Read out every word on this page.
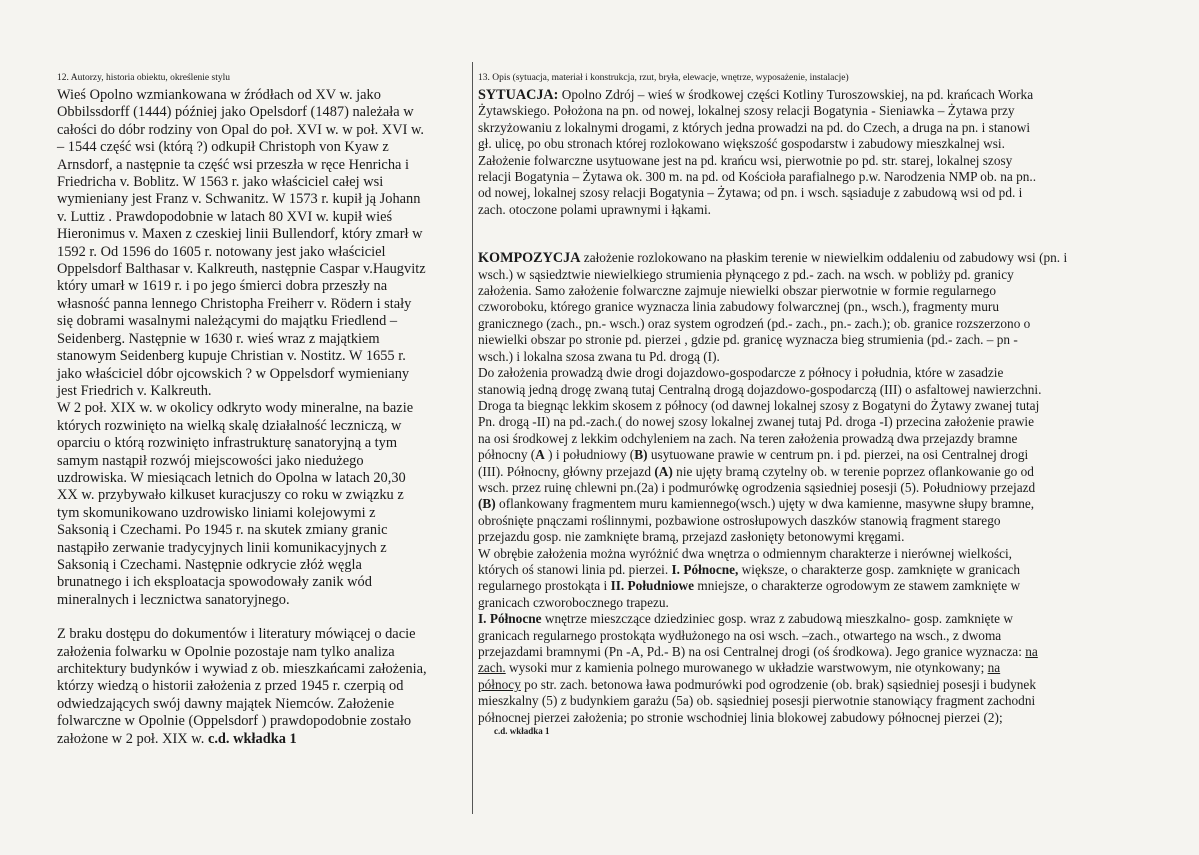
12. Autorzy, historia obiektu, określenie stylu

Wieś Opolno wzmiankowana w źródłach od XV w. jako
Obbilssdorff (1444) później jako Opelsdorf (1487) należała w
całości do dóbr rodziny von Opal do poł. XVI w. w poł. XVI w.
– 1544 część wsi (którą ?) odkupił Christoph von Kyaw z
Arnsdorf, a następnie ta część wsi przeszła w ręce Henricha i
Friedricha v. Boblitz. W 1563 r. jako właściciel całej wsi
wymieniany jest Franz v. Schwanitz. W 1573 r. kupił ją Johann
v. Luttiz . Prawdopodobnie w latach 80 XVI w. kupił wieś
Hieronimus v. Maxen z czeskiej linii Bullendorf, który zmarł w
1592 r. Od 1596 do 1605 r. notowany jest jako właściciel
Oppelsdorf Balthasar v. Kalkreuth, następnie Caspar v.Haugvitz
który umarł w 1619 r. i po jego śmierci dobra przeszły na
własność panna lennego Christopha Freiherr v. Rödern i stały
się dobrami wasalnymi należącymi do majątku Friedlend –
Seidenberg. Następnie w 1630 r. wieś wraz z majątkiem
stanowym Seidenberg kupuje Christian v. Nostitz. W 1655 r.
jako właściciel dóbr ojcowskich ? w Oppelsdorf wymieniany
jest Friedrich v. Kalkreuth.
W 2 poł. XIX w. w okolicy odkryto wody mineralne, na bazie
których rozwinięto na wielką skalę działalność leczniczą, w
oparciu o którą rozwinięto infrastrukturę sanatoryjną a tym
samym nastąpił rozwój miejscowości jako niedużego
uzdrowiska. W miesiącach letnich do Opolna w latach 20,30
XX w. przybywało kilkuset kuracjuszy co roku w związku z
tym skomunikowano uzdrowisko liniami kolejowymi z
Saksonią i Czechami. Po 1945 r. na skutek zmiany granic
nastąpiło zerwanie tradycyjnych linii komunikacyjnych z
Saksonią i Czechami. Następnie odkrycie złóż węgla
brunatnego i ich eksploatacja spowodowały zanik wód
mineralnych i lecznictwa sanatoryjnego.

Z braku dostępu do dokumentów i literatury mówiącej o dacie
założenia folwarku w Opolnie pozostaje nam tylko analiza
architektury budynków i wywiad z ob. mieszkańcami założenia,
którzy wiedzą o historii założenia z przed 1945 r. czerpią od
odwiedzających swój dawny majątek Niemców. Założenie
folwarczne w Opolnie (Oppelsdorf ) prawdopodobnie zostało
założone w 2 poł. XIX w. c.d. wkładka 1

13. Opis (sytuacja, materiał i konstrukcja, rzut, bryła, elewacje, wnętrze, wyposażenie, instalacje)

SYTUACJA: Opolno Zdrój – wieś w środkowej części Kotliny Turoszowskiej, na pd. krańcach Worka
Żytawskiego. Położona na pn. od nowej, lokalnej szosy relacji Bogatynia - Sieniawka – Żytawa przy
skrzyżowaniu z lokalnymi drogami, z których jedna prowadzi na pd. do Czech, a druga na pn. i stanowi
gł. ulicę, po obu stronach której rozlokowano większość gospodarstw i zabudowy mieszkalnej wsi.
Założenie folwarczne usytuowane jest na pd. krańcu wsi, pierwotnie po pd. str. starej, lokalnej szosy
relacji Bogatynia – Żytawa ok. 300 m. na pd. od Kościoła parafialnego p.w. Narodzenia NMP ob. na pn..
od nowej, lokalnej szosy relacji Bogatynia – Żytawa; od pn. i wsch. sąsiaduje z zabudową wsi od pd. i
zach. otoczone polami uprawnymi i łąkami.

KOMPOZYCJA założenie rozlokowano na płaskim terenie w niewielkim oddaleniu od zabudowy wsi (pn. i
wsch.) w sąsiedztwie niewielkiego strumienia płynącego z pd.- zach. na wsch. w pobliży pd. granicy
założenia. Samo założenie folwarczne zajmuje niewielki obszar pierwotnie w formie regularnego
czworoboku, którego granice wyznacza linia zabudowy folwarcznej (pn., wsch.), fragmenty muru
granicznego (zach., pn.- wsch.) oraz system ogrodzeń (pd.- zach., pn.- zach.); ob. granice rozszerzono o
niewielki obszar po stronie pd. pierzei , gdzie pd. granicę wyznacza bieg strumienia (pd.- zach. – pn -
wsch.) i lokalna szosa zwana tu Pd. drogą (I).
Do założenia prowadzą dwie drogi dojazdowo-gospodarcze z północy i południa, które w zasadzie
stanowią jedną drogę zwaną tutaj Centralną drogą dojazdowo-gospodarczą (III) o asfaltowej nawierzchni.
Droga ta biegnąc lekkim skosem z północy (od dawnej lokalnej szosy z Bogatyni do Żytawy zwanej tutaj
Pn. drogą -II) na pd.-zach.( do nowej szosy lokalnej zwanej tutaj Pd. droga -I) przecina założenie prawie
na osi środkowej z lekkim odchyleniem na zach. Na teren założenia prowadzą dwa przejazdy bramne
północny (A ) i południowy (B) usytuowane prawie w centrum pn. i pd. pierzei, na osi Centralnej drogi
(III). Północny, główny przejazd (A) nie ujęty bramą czytelny ob. w terenie poprzez oflankowanie go od
wsch. przez ruinę chlewni pn.(2a) i podmurówkę ogrodzenia sąsiedniej posesji (5). Południowy przejazd
(B) oflankowany fragmentem muru kamiennego(wsch.) ujęty w dwa kamienne, masywne słupy bramne,
obrośnięte pnączami roślinnymi, pozbawione ostrosłupowych daszków stanowią fragment starego
przejazdu gosp. nie zamknięte bramą, przejazd zasłonięty betonowymi kręgami.
W obrębie założenia można wyróżnić dwa wnętrza o odmiennym charakterze i nierównej wielkości,
których oś stanowi linia pd. pierzei. I. Północne, większe, o charakterze gosp. zamknięte w granicach
regularnego prostokąta i II. Południowe mniejsze, o charakterze ogrodowym ze stawem zamknięte w
granicach czworobocznego trapezu.
I. Północne wnętrze mieszczące dziedziniec gosp. wraz z zabudową mieszkalno- gosp. zamknięte w
granicach regularnego prostokąta wydłużonego na osi wsch. –zach., otwartego na wsch., z dwoma
przejazdami bramnymi (Pn -A, Pd.- B) na osi Centralnej drogi (oś środkowa). Jego granice wyznacza: na
zach. wysoki mur z kamienia polnego murowanego w układzie warstwowym, nie otynkowany; na
północy po str. zach. betonowa ława podmurówki pod ogrodzenie (ob. brak) sąsiedniej posesji i budynek
mieszkalny (5) z budynkiem garażu (5a) ob. sąsiedniej posesji pierwotnie stanowiący fragment zachodni
północnej pierzei założenia; po stronie wschodniej linia blokowej zabudowy północnej pierzei (2);

c.d. wkładka 1
